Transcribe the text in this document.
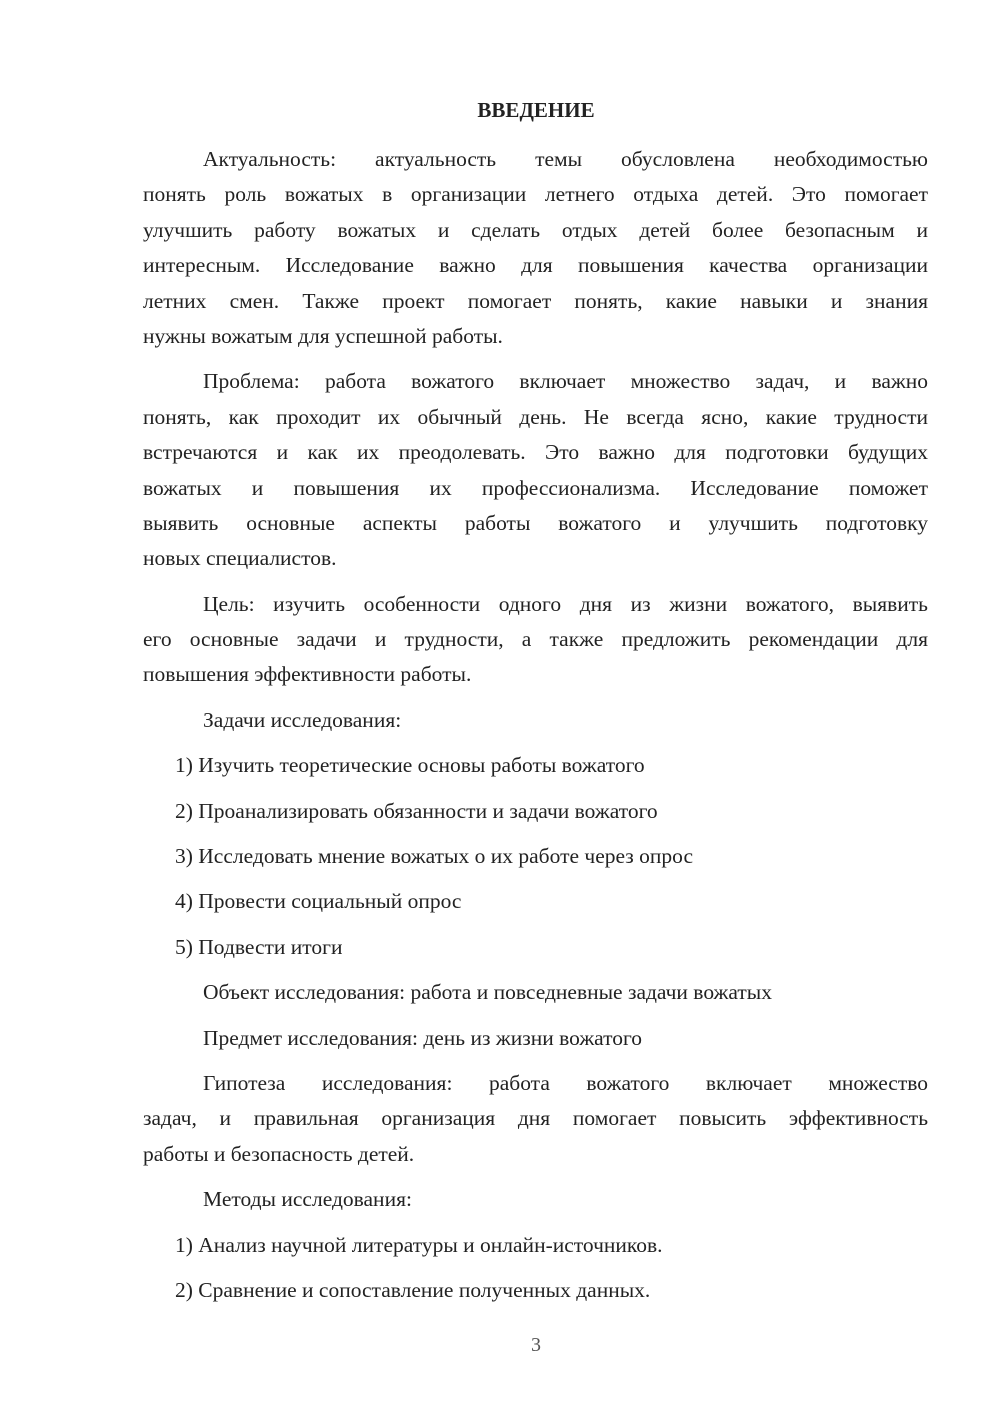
ВВЕДЕНИЕ
Актуальность: актуальность темы обусловлена необходимостью
понять роль вожатых в организации летнего отдыха детей. Это помогает
улучшить работу вожатых и сделать отдых детей более безопасным и
интересным. Исследование важно для повышения качества организации
летних смен. Также проект помогает понять, какие навыки и знания
нужны вожатым для успешной работы.
Проблема: работа вожатого включает множество задач, и важно
понять, как проходит их обычный день. Не всегда ясно, какие трудности
встречаются и как их преодолевать. Это важно для подготовки будущих
вожатых и повышения их профессионализма. Исследование поможет
выявить основные аспекты работы вожатого и улучшить подготовку
новых специалистов.
Цель: изучить особенности одного дня из жизни вожатого, выявить
его основные задачи и трудности, а также предложить рекомендации для
повышения эффективности работы.
Задачи исследования:
1) Изучить теоретические основы работы вожатого
2) Проанализировать обязанности и задачи вожатого
3) Исследовать мнение вожатых о их работе через опрос
4) Провести социальный опрос
5) Подвести итоги
Объект исследования: работа и повседневные задачи вожатых
Предмет исследования: день из жизни вожатого
Гипотеза исследования: работа вожатого включает множество
задач, и правильная организация дня помогает повысить эффективность
работы и безопасность детей.
Методы исследования:
1) Анализ научной литературы и онлайн-источников.
2) Сравнение и сопоставление полученных данных.
3
